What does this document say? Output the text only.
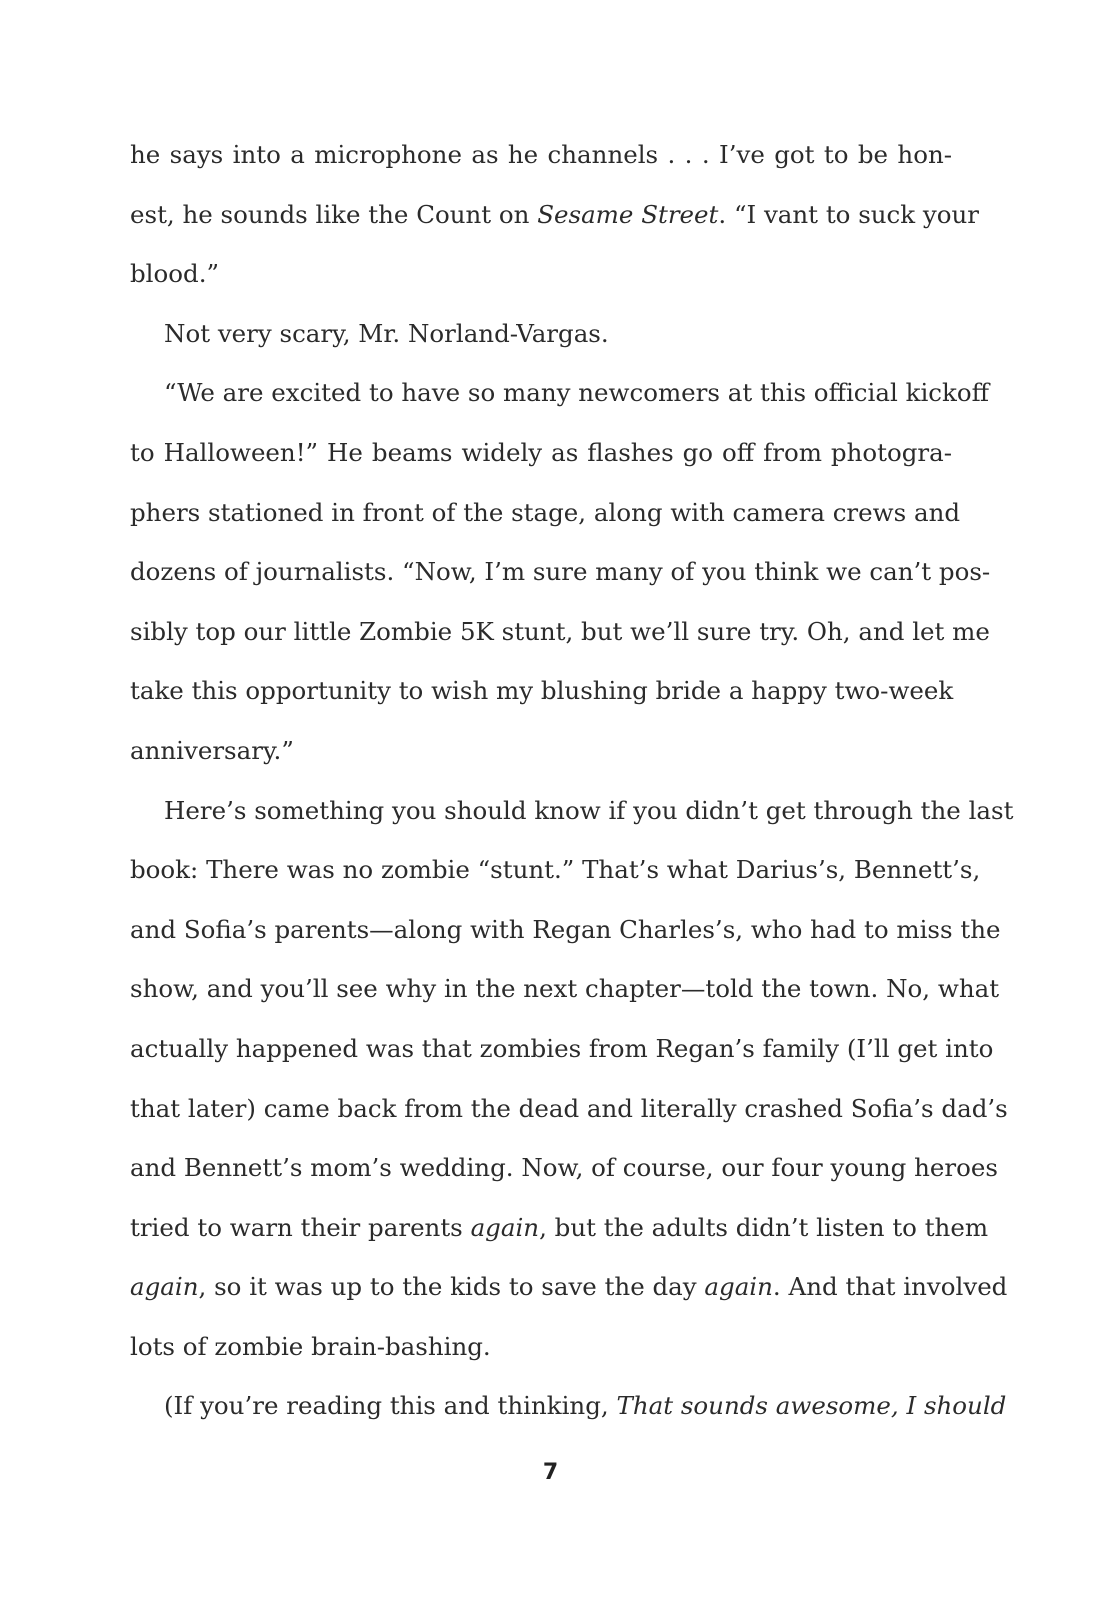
he says into a microphone as he channels . . . I’ve got to be hon-
est, he sounds like the Count on Sesame Street. “I vant to suck your
blood.”
Not very scary, Mr. Norland-Vargas.
“We are excited to have so many newcomers at this official kickoff
to Halloween!” He beams widely as flashes go off from photogra-
phers stationed in front of the stage, along with camera crews and
dozens of journalists. “Now, I’m sure many of you think we can’t pos-
sibly top our little Zombie 5K stunt, but we’ll sure try. Oh, and let me
take this opportunity to wish my blushing bride a happy two-week
anniversary.”
Here’s something you should know if you didn’t get through the last
book: There was no zombie “stunt.” That’s what Darius’s, Bennett’s,
and Sofia’s parents—along with Regan Charles’s, who had to miss the
show, and you’ll see why in the next chapter—told the town. No, what
actually happened was that zombies from Regan’s family (I’ll get into
that later) came back from the dead and literally crashed Sofia’s dad’s
and Bennett’s mom’s wedding. Now, of course, our four young heroes
tried to warn their parents again, but the adults didn’t listen to them
again, so it was up to the kids to save the day again. And that involved
lots of zombie brain-bashing.
(If you’re reading this and thinking, That sounds awesome, I should
7
